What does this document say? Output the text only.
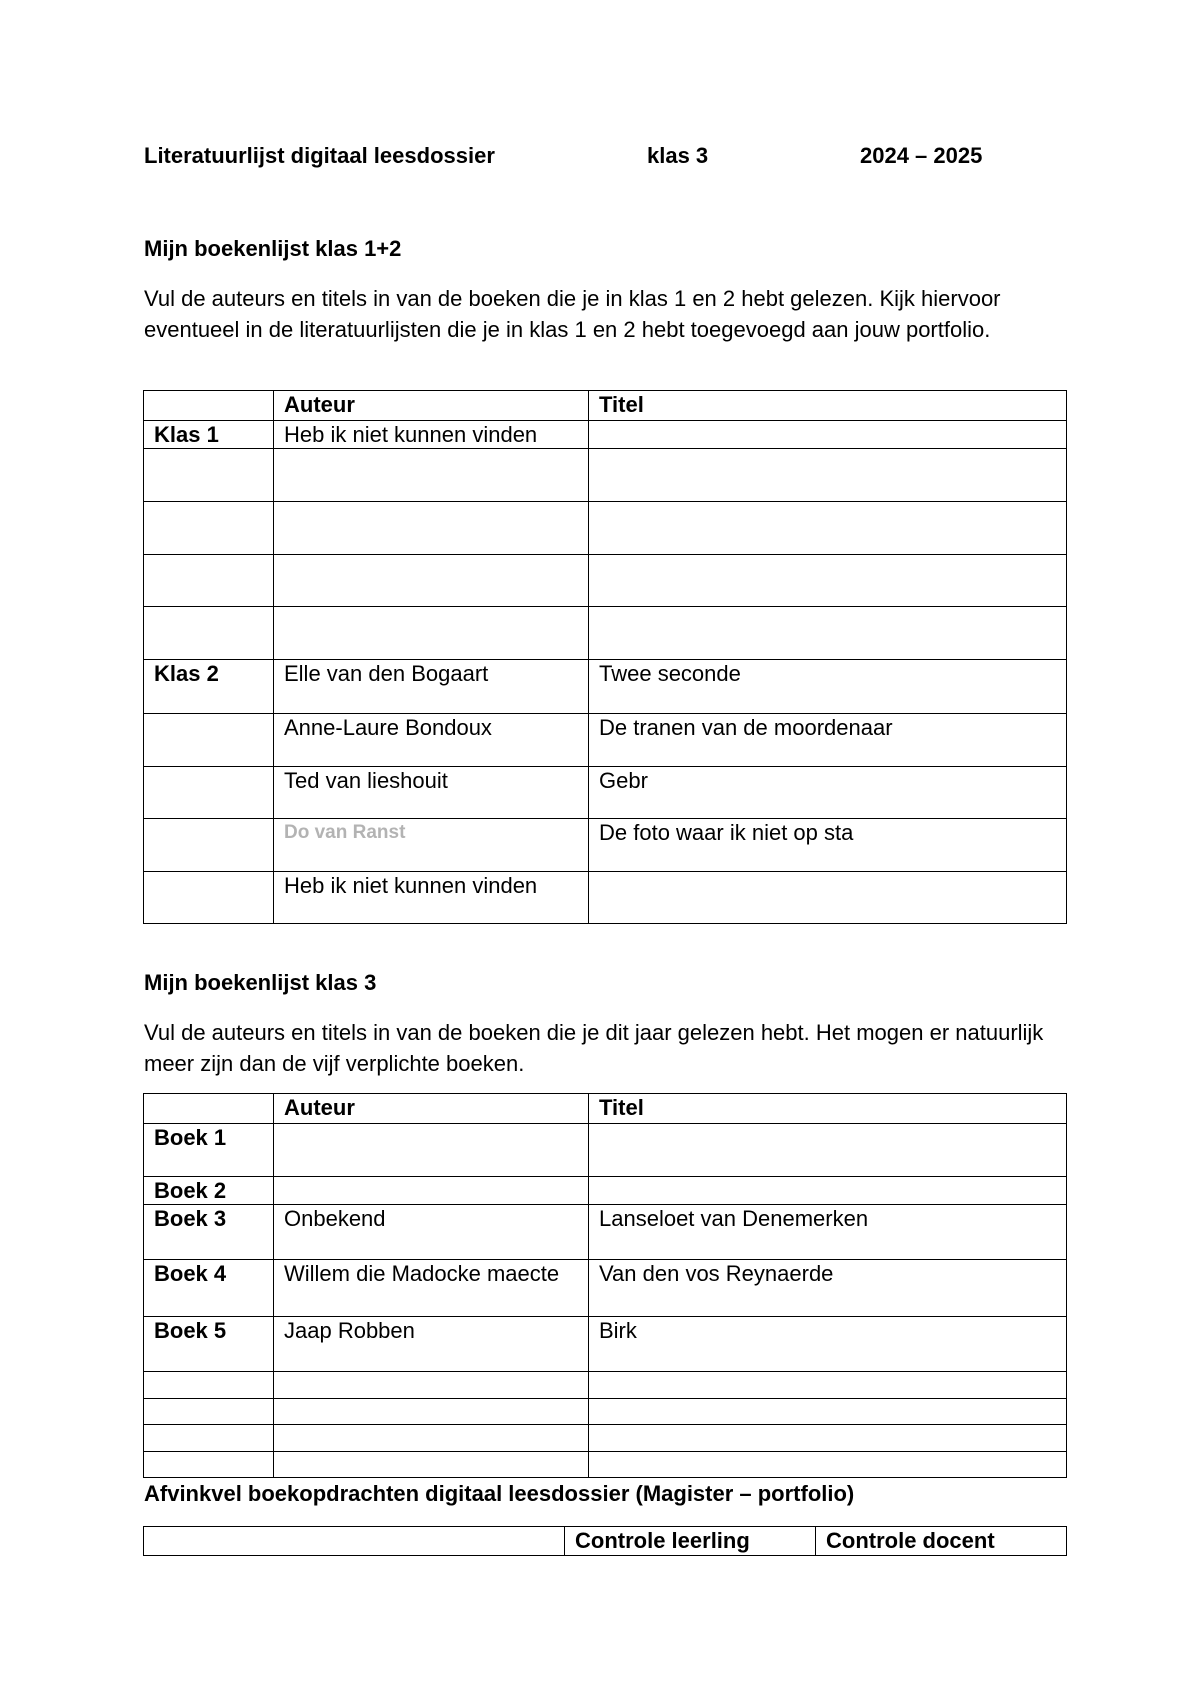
Literatuurlijst digitaal leesdossier	klas 3	2024 – 2025
Mijn boekenlijst klas 1+2
Vul de auteurs en titels in van de boeken die je in klas 1 en 2 hebt gelezen. Kijk hiervoor eventueel in de literatuurlijsten die je in klas 1 en 2 hebt toegevoegd aan jouw portfolio.
	Auteur	Titel
Klas 1	Heb ik niet kunnen vinden	

Klas 2	Elle van den Bogaart	Twee seconde
	Anne-Laure Bondoux	De tranen van de moordenaar
	Ted van lieshouit	Gebr
	Do van Ranst	De foto waar ik niet op sta
	Heb ik niet kunnen vinden	
Mijn boekenlijst klas 3
Vul de auteurs en titels in van de boeken die je dit jaar gelezen hebt. Het mogen er natuurlijk meer zijn dan de vijf verplichte boeken.
	Auteur	Titel
Boek 1		
Boek 2		
Boek 3	Onbekend	Lanseloet van Denemerken
Boek 4	Willem die Madocke maecte	Van den vos Reynaerde
Boek 5	Jaap Robben	Birk

Afvinkvel boekopdrachten digitaal leesdossier (Magister – portfolio)
	Controle leerling	Controle docent
